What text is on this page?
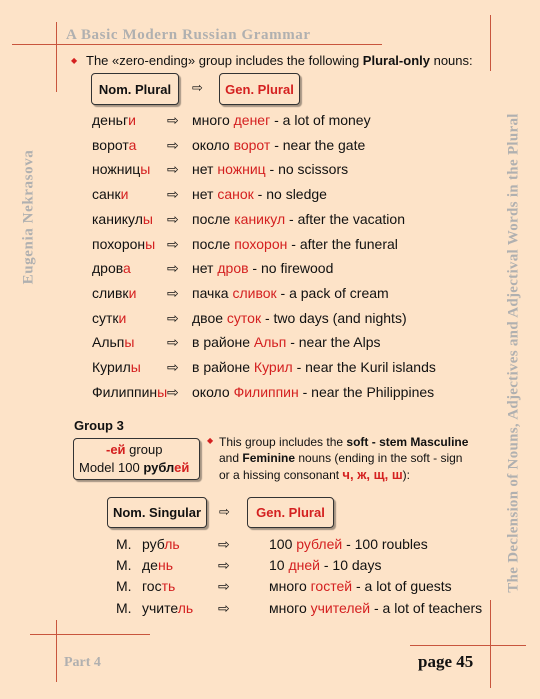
A Basic Modern Russian Grammar
Eugenia Nekrasova	The Declension of Nouns, Adjectives and Adjectival Words in the Plural
Part 4	page 45
◆ The «zero-ending» group includes the following Plural-only nouns:
Nom. Plural ⇨ Gen. Plural
деньги ⇨ много денег - a lot of money
ворота ⇨ около ворот - near the gate
ножницы ⇨ нет ножниц - no scissors
санки	⇨ нет санок - no sledge
каникулы ⇨ после каникул - after the vacation
похороны ⇨ после похорон - after the funeral
дрова	⇨ нет дров - no firewood
сливки ⇨ пачка сливок - a pack of cream
сутки	⇨ двое суток - two days (and nights)
Альпы ⇨ в районе Альп - near the Alps
Курилы ⇨ в районе Курил - near the Kuril islands
Филиппины ⇨ около Филиппин - near the Philippines
Group 3
-ей group
Model 100 рублей
◆ This group includes the soft - stem Masculine
and Feminine nouns (ending in the soft - sign
or a hissing consonant ч, ж, щ, ш):
Nom. Singular ⇨ Gen. Plural
М. рубль	⇨	100 рублей - 100 roubles
М. день	⇨	10 дней - 10 days
М. гость	⇨	много гостей - a lot of guests
М. учитель ⇨	много учителей - a lot of teachers
